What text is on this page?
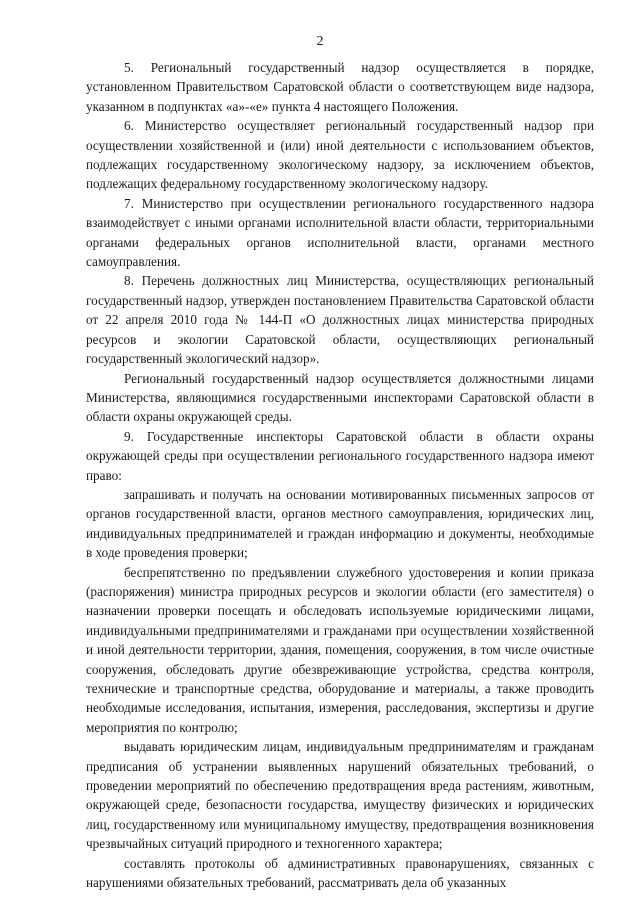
2

5. Региональный государственный надзор осуществляется в порядке, установленном Правительством Саратовской области о соответствующем виде надзора, указанном в подпунктах «а»-«е» пункта 4 настоящего Положения.

6. Министерство осуществляет региональный государственный надзор при осуществлении хозяйственной и (или) иной деятельности с использованием объектов, подлежащих государственному экологическому надзору, за исключением объектов, подлежащих федеральному государственному экологическому надзору.

7. Министерство при осуществлении регионального государственного надзора взаимодействует с иными органами исполнительной власти области, территориальными органами федеральных органов исполнительной власти, органами местного самоуправления.

8. Перечень должностных лиц Министерства, осуществляющих региональный государственный надзор, утвержден постановлением Правительства Саратовской области от 22 апреля 2010 года № 144-П «О должностных лицах министерства природных ресурсов и экологии Саратовской области, осуществляющих региональный государственный экологический надзор».

Региональный государственный надзор осуществляется должностными лицами Министерства, являющимися государственными инспекторами Саратовской области в области охраны окружающей среды.

9. Государственные инспекторы Саратовской области в области охраны окружающей среды при осуществлении регионального государственного надзора имеют право:

запрашивать и получать на основании мотивированных письменных запросов от органов государственной власти, органов местного самоуправления, юридических лиц, индивидуальных предпринимателей и граждан информацию и документы, необходимые в ходе проведения проверки;

беспрепятственно по предъявлении служебного удостоверения и копии приказа (распоряжения) министра природных ресурсов и экологии области (его заместителя) о назначении проверки посещать и обследовать используемые юридическими лицами, индивидуальными предпринимателями и гражданами при осуществлении хозяйственной и иной деятельности территории, здания, помещения, сооружения, в том числе очистные сооружения, обследовать другие обезвреживающие устройства, средства контроля, технические и транспортные средства, оборудование и материалы, а также проводить необходимые исследования, испытания, измерения, расследования, экспертизы и другие мероприятия по контролю;

выдавать юридическим лицам, индивидуальным предпринимателям и гражданам предписания об устранении выявленных нарушений обязательных требований, о проведении мероприятий по обеспечению предотвращения вреда растениям, животным, окружающей среде, безопасности государства, имуществу физических и юридических лиц, государственному или муниципальному имуществу, предотвращения возникновения чрезвычайных ситуаций природного и техногенного характера;

составлять протоколы об административных правонарушениях, связанных с нарушениями обязательных требований, рассматривать дела об указанных
